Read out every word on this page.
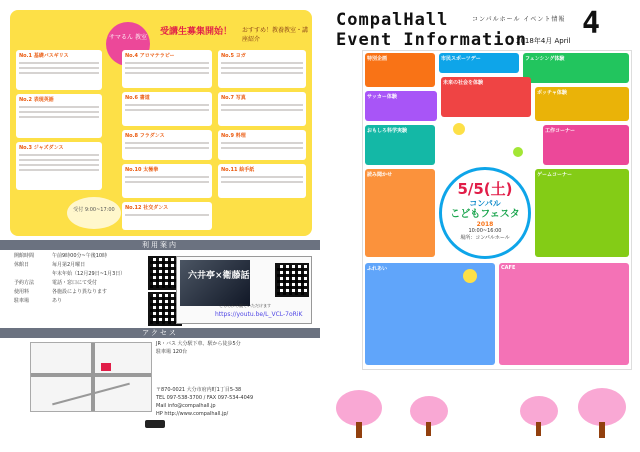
サマるん 教室
受講生募集開始！ おすすめ！教養教室・講座紹介
No.1 基礎バスギリス
No.2 表現英語
No.3 ジャズダンス
No.4 アロマテラピー	No.5 ヨガ
No.6 書道	No.7 写真
No.8 フラダンス	No.9 料理
No.10 太極拳	No.11 絵手紙
No.12 社交ダンス
受付 9:00~17:00
利用案内
開館時間	午前9時00分~午後10時
休館日	毎月第2月曜日
年末年始（12月29日~1月3日）
予約方法	電話・窓口にて受付
使用料	各施設により異なります
駐車場	あり
六井亭×衛藤話
こちらから観ていただけます
https://youtu.be/L_VCL-7oRiK
アクセス
JR・バス 大分駅下車、駅から徒歩5分
駐車場 120台
〒870-0021 大分市府内町1丁目5-38
TEL 097-538-3700 / FAX 097-534-4049
Mail info@compalhall.jp
HP http://www.compalhall.jp/
CompalHall
Event Information
コンパルホール イベント情報 4
2018年4月 April
特別企画	市民スポーツデー	フェンシング体験
サッカー体験
未来の社会を体験
ボッチャ体験
おもしろ科学実験	工作コーナー
読み聞かせ	ゲームコーナー
ふれあい	CAFE
5/5(土)
コンパル
こどもフェスタ
2018
10:00~16:00
場所：コンパルホール
